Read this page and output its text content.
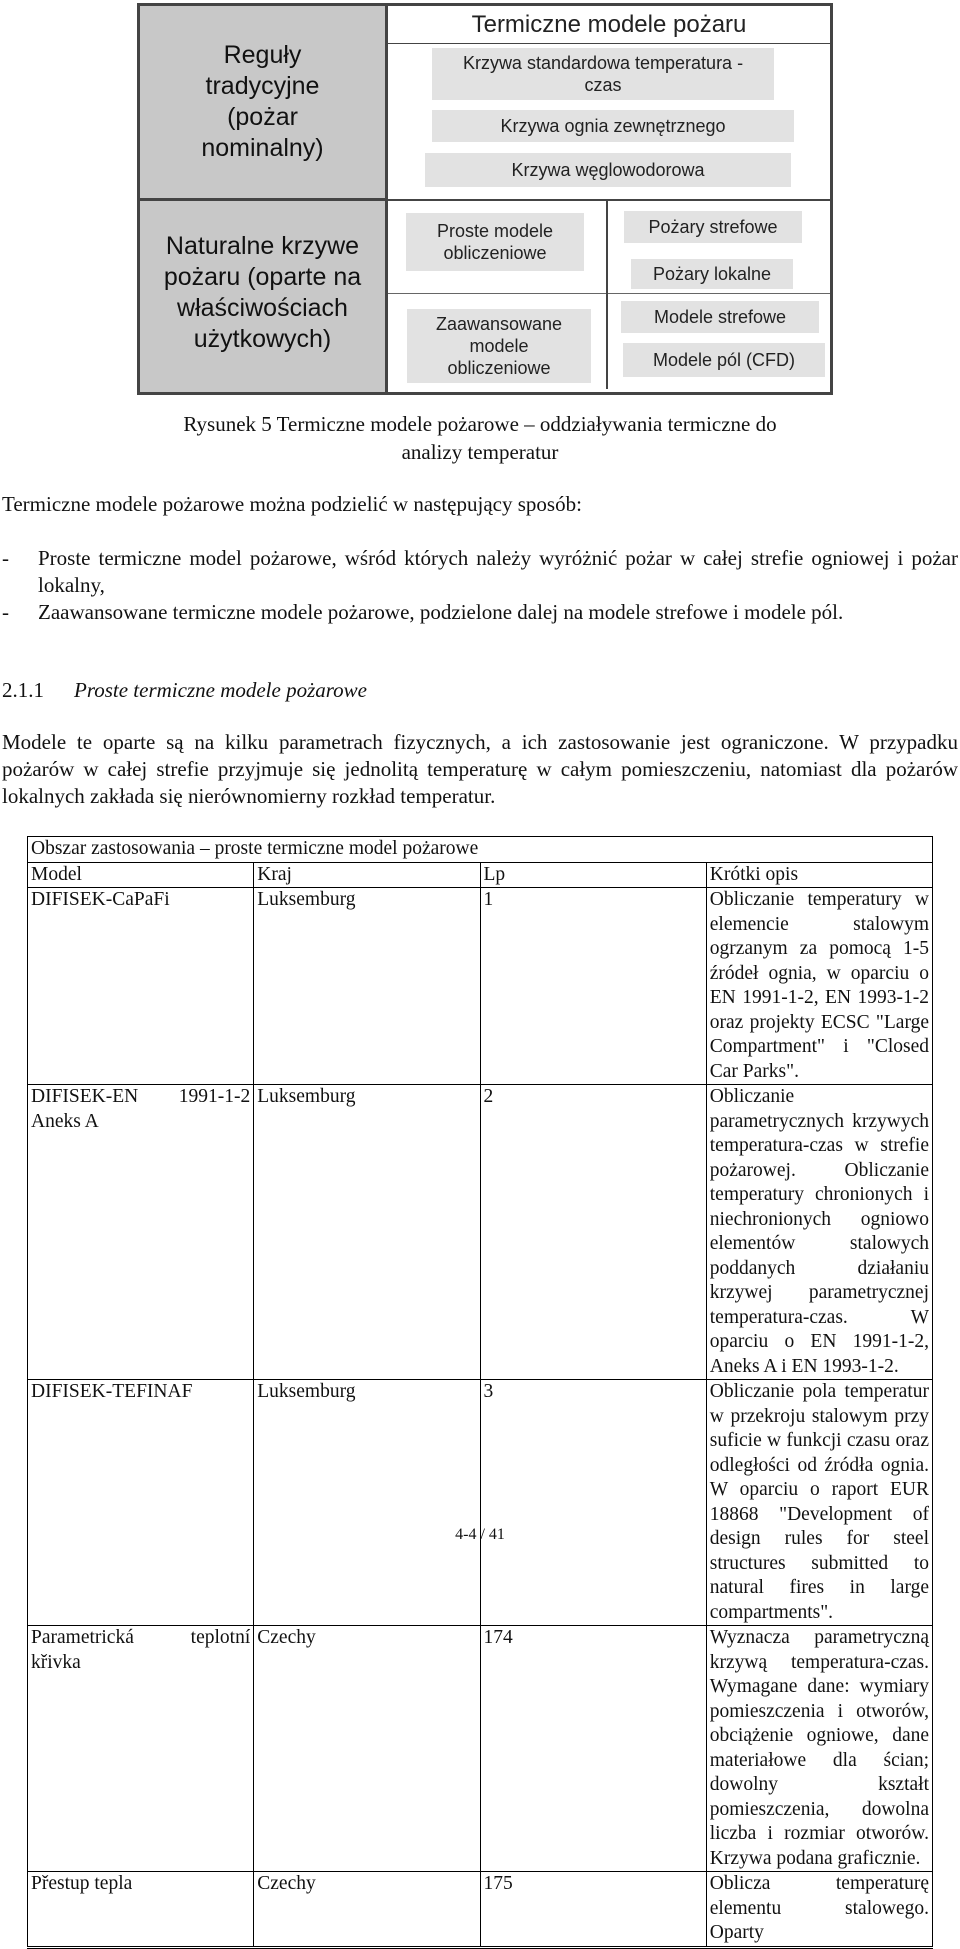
Reguły
tradycyjne
(pożar
nominalny)
Naturalne krzywe
pożaru (oparte na
właściwościach
użytkowych)
Termiczne modele pożaru
Krzywa standardowa temperatura -
czas
Krzywa ognia zewnętrznego
Krzywa węglowodorowa
Proste modele
obliczeniowe
Zaawansowane
modele
obliczeniowe
Pożary strefowe
Pożary lokalne
Modele strefowe
Modele pól (CFD)
Rysunek 5 Termiczne modele pożarowe – oddziaływania termiczne do
analizy temperatur
Termiczne modele pożarowe można podzielić w następujący sposób:
- Proste termiczne model pożarowe, wśród których należy wyróżnić pożar w całej strefie ogniowej i pożar lokalny,
- Zaawansowane termiczne modele pożarowe, podzielone dalej na modele strefowe i modele pól.
2.1.1 Proste termiczne modele pożarowe
Modele te oparte są na kilku parametrach fizycznych, a ich zastosowanie jest ograniczone. W przypadku pożarów w całej strefie przyjmuje się jednolitą temperaturę w całym pomieszczeniu, natomiast dla pożarów lokalnych zakłada się nierównomierny rozkład temperatur.
Obszar zastosowania – proste termiczne model pożarowe			
Model	Kraj	Lp	Krótki opis
DIFISEK-CaPaFi	Luksemburg	1	Obliczanie temperatury w elemencie stalowym ogrzanym za pomocą 1-5 źródeł ognia, w oparciu o EN 1991-1-2, EN 1993-1-2 oraz projekty ECSC "Large Compartment" i "Closed Car Parks".

DIFISEK-EN 1991-1-2 Aneks A	Luksemburg	2	Obliczanie parametrycznych krzywych temperatura-czas w strefie pożarowej. Obliczanie temperatury chronionych i niechronionych ogniowo elementów stalowych poddanych działaniu krzywej parametrycznej temperatura-czas. W oparciu o EN 1991-1-2, Aneks A i EN 1993-1-2.
DIFISEK-TEFINAF	Luksemburg	3	Obliczanie pola temperatur w przekroju stalowym przy suficie w funkcji czasu oraz odległości od źródła ognia. W oparciu o raport EUR 18868 "Development of design rules for steel structures submitted to natural fires in large compartments".

Parametrická teplotní křivka	Czechy	174	Wyznacza parametryczną krzywą temperatura-czas. Wymagane dane: wymiary pomieszczenia i otworów, obciążenie ogniowe, dane materiałowe dla ścian; dowolny kształt pomieszczenia, dowolna liczba i rozmiar otworów. Krzywa podana graficznie.
Přestup tepla	Czechy	175	Oblicza temperaturę elementu stalowego. Oparty
4-4 / 41
